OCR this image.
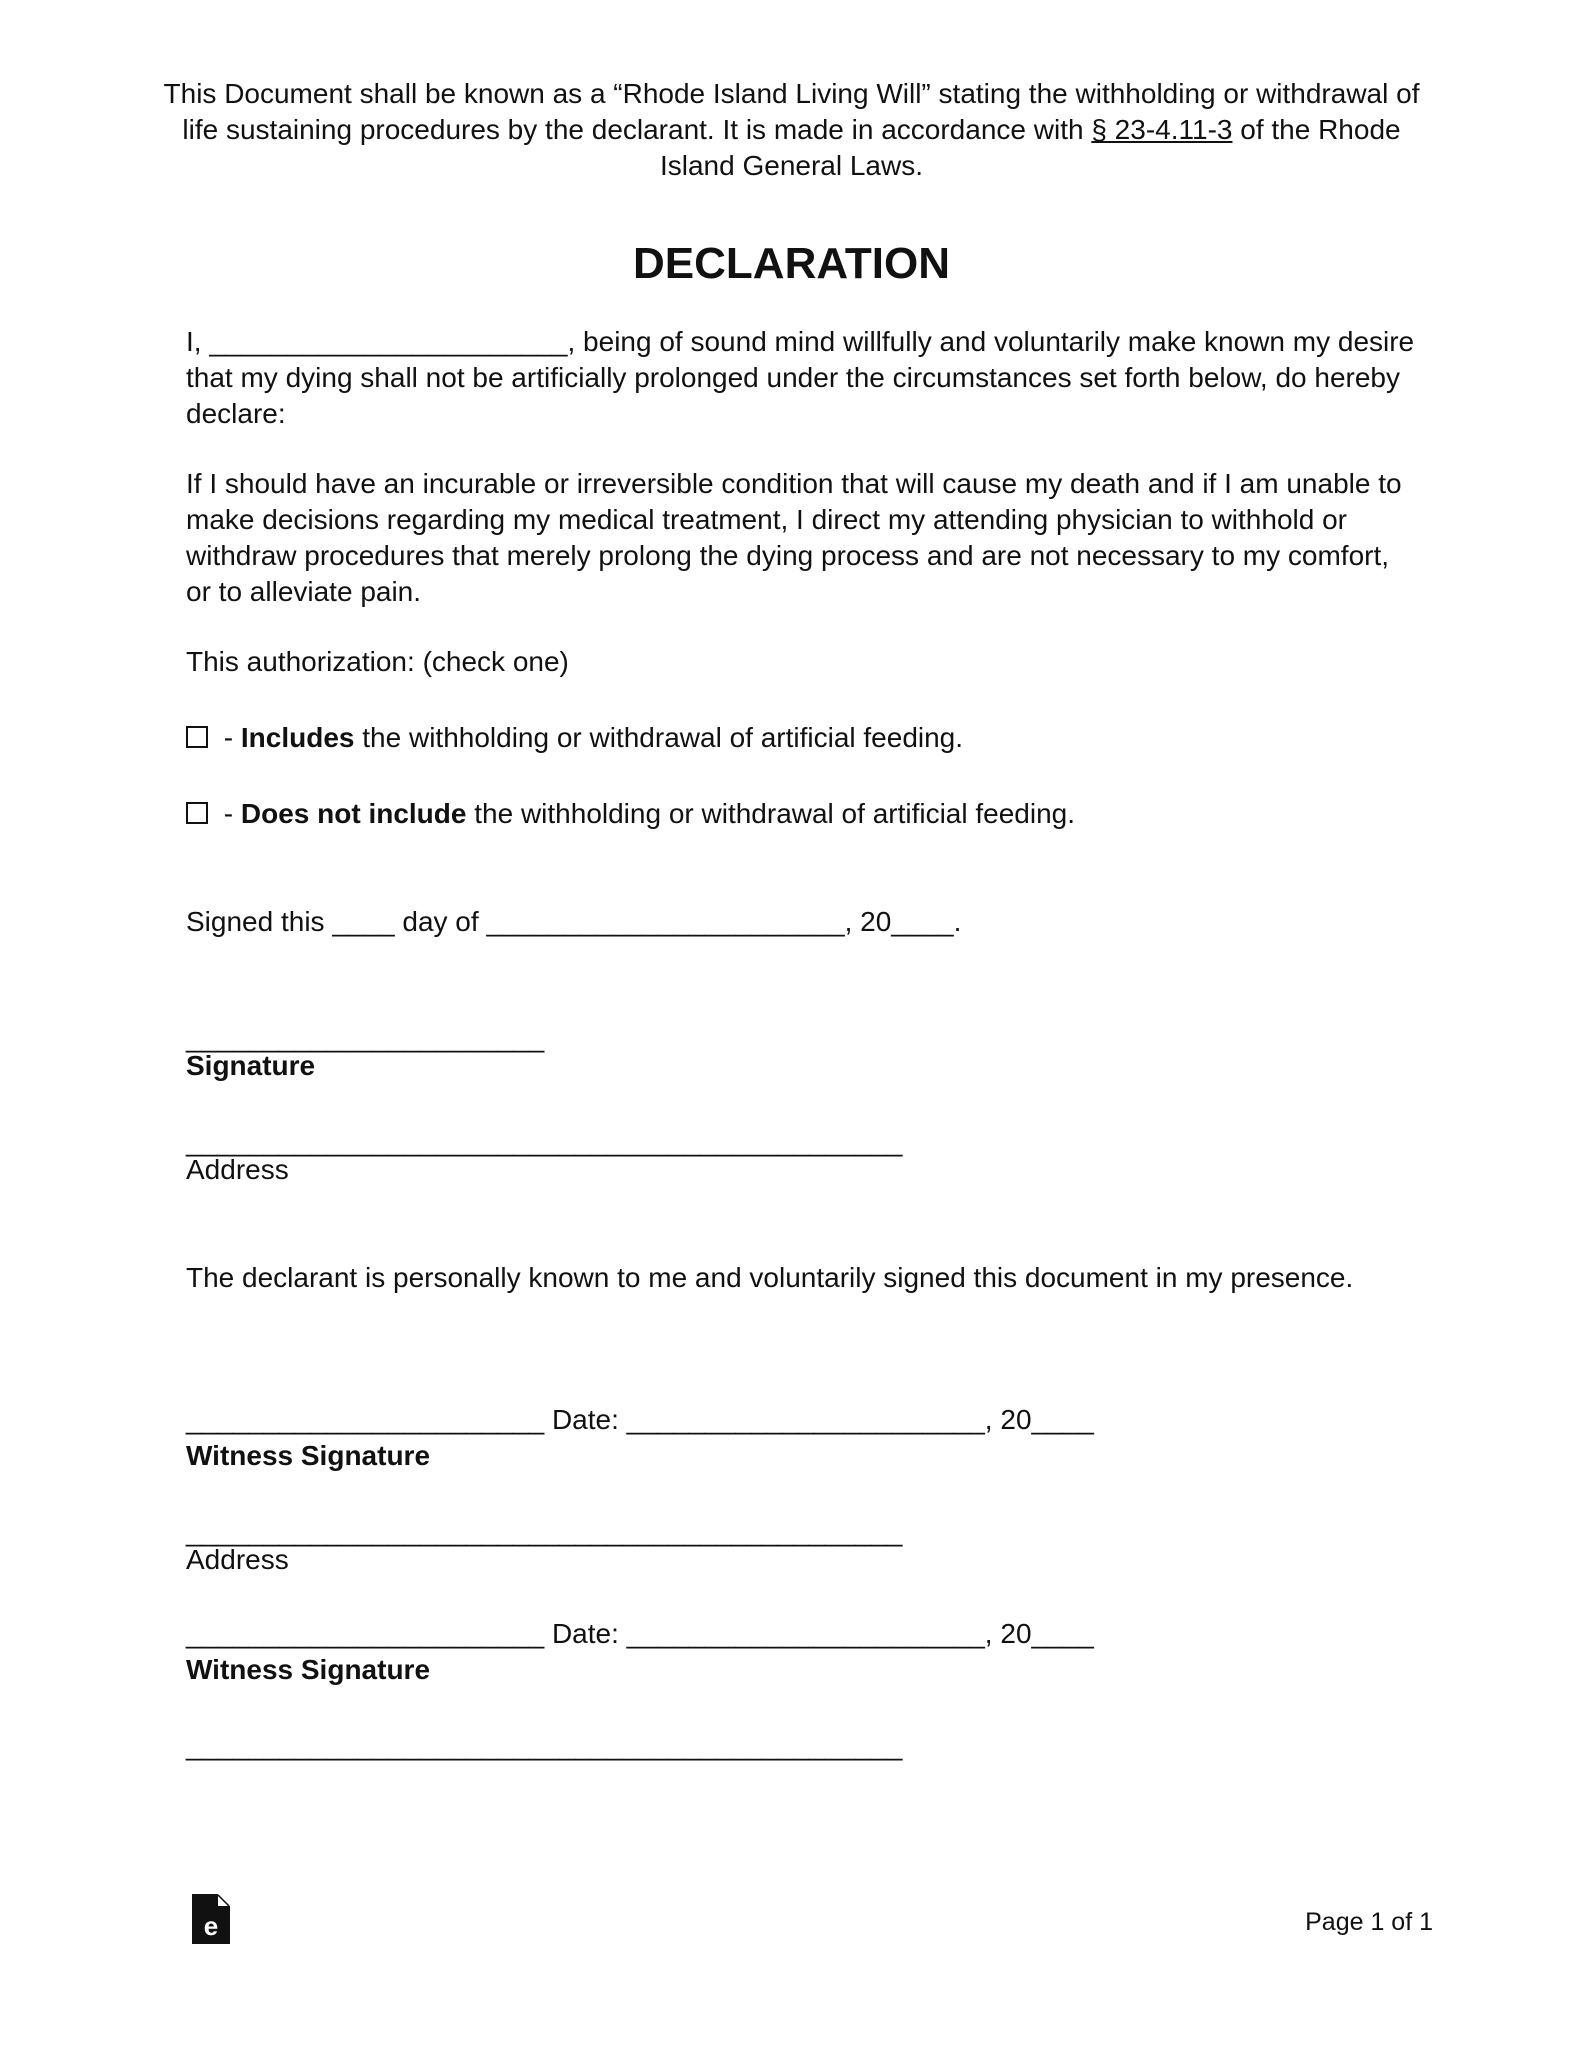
This Document shall be known as a “Rhode Island Living Will” stating the withholding or withdrawal of life sustaining procedures by the declarant. It is made in accordance with § 23-4.11-3 of the Rhode Island General Laws.
DECLARATION

I, _______________________, being of sound mind willfully and voluntarily make known my desire that my dying shall not be artificially prolonged under the circumstances set forth below, do hereby declare:

If I should have an incurable or irreversible condition that will cause my death and if I am unable to make decisions regarding my medical treatment, I direct my attending physician to withhold or withdraw procedures that merely prolong the dying process and are not necessary to my comfort, or to alleviate pain.

This authorization: (check one)
- Includes the withholding or withdrawal of artificial feeding.
- Does not include the withholding or withdrawal of artificial feeding.
Signed this ____ day of _______________________, 20____.
_______________________
Signature
______________________________________________
Address

The declarant is personally known to me and voluntarily signed this document in my presence.

_______________________ Date: _______________________, 20____
Witness Signature
______________________________________________
Address
_______________________ Date: _______________________, 20____
Witness Signature
______________________________________________
e	Page 1 of 1
